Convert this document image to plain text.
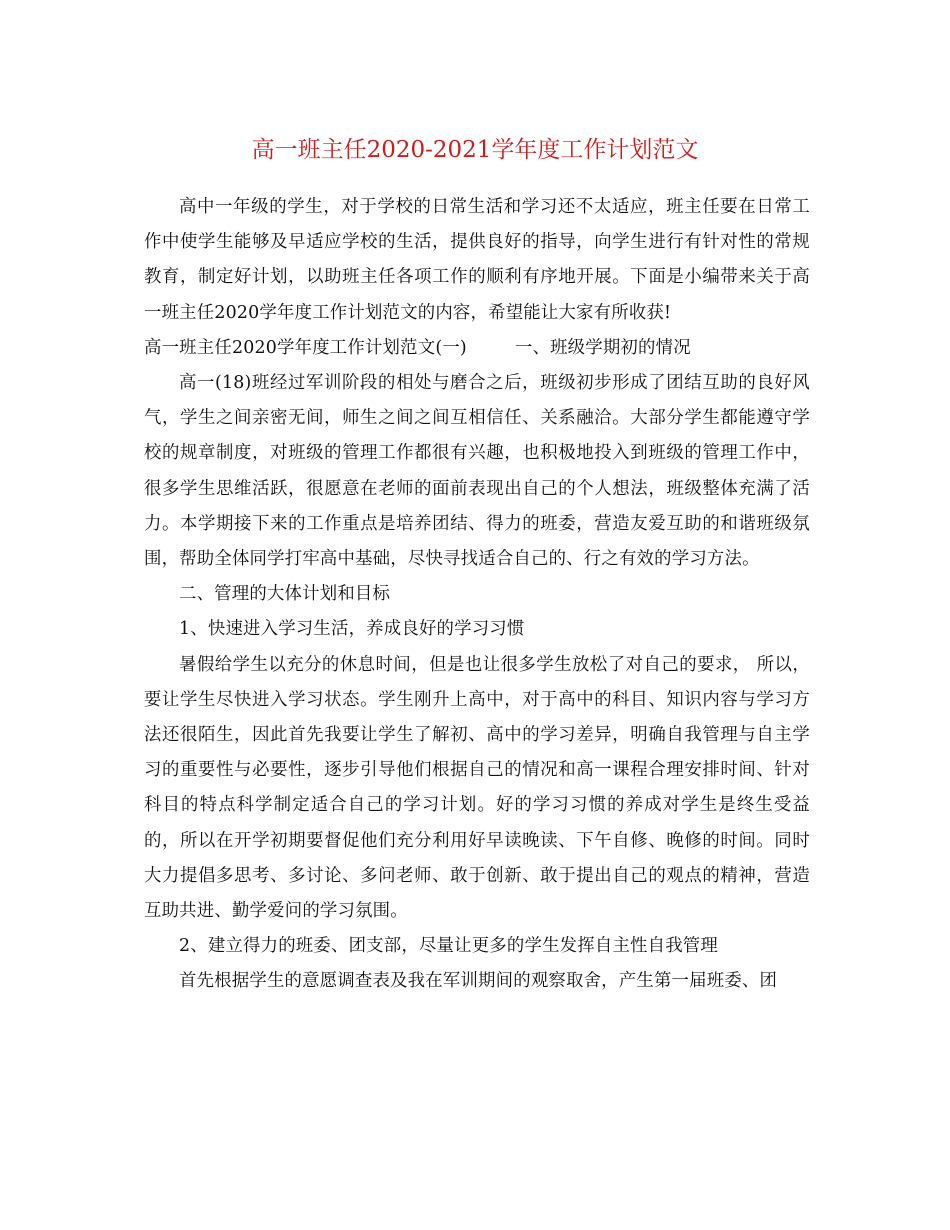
高一班主任2020-2021学年度工作计划范文

高中一年级的学生，对于学校的日常生活和学习还不太适应，班主任要在日常工作中使学生能够及早适应学校的生活，提供良好的指导，向学生进行有针对性的常规教育，制定好计划，以助班主任各项工作的顺利有序地开展。下面是小编带来关于高一班主任2020学年度工作计划范文的内容，希望能让大家有所收获!

高一班主任2020学年度工作计划范文(一)	一、班级学期初的情况

高一(18)班经过军训阶段的相处与磨合之后，班级初步形成了团结互助的良好风气，学生之间亲密无间，师生之间之间互相信任、关系融洽。大部分学生都能遵守学校的规章制度，对班级的管理工作都很有兴趣，也积极地投入到班级的管理工作中， 很多学生思维活跃，很愿意在老师的面前表现出自己的个人想法，班级整体充满了活力。本学期接下来的工作重点是培养团结、得力的班委，营造友爱互助的和谐班级氛围，帮助全体同学打牢高中基础，尽快寻找适合自己的、行之有效的学习方法。

二、管理的大体计划和目标

1、快速进入学习生活，养成良好的学习习惯

暑假给学生以充分的休息时间，但是也让很多学生放松了对自己的要求， 所以，要让学生尽快进入学习状态。学生刚升上高中，对于高中的科目、知识内容与学习方法还很陌生，因此首先我要让学生了解初、高中的学习差异，明确自我管理与自主学习的重要性与必要性，逐步引导他们根据自己的情况和高一课程合理安排时间、针对科目的特点科学制定适合自己的学习计划。好的学习习惯的养成对学生是终生受益的，所以在开学初期要督促他们充分利用好早读晚读、下午自修、晚修的时间。同时大力提倡多思考、多讨论、多问老师、敢于创新、敢于提出自己的观点的精神，营造互助共进、勤学爱问的学习氛围。

2、建立得力的班委、团支部，尽量让更多的学生发挥自主性自我管理

首先根据学生的意愿调查表及我在军训期间的观察取舍，产生第一届班委、团
